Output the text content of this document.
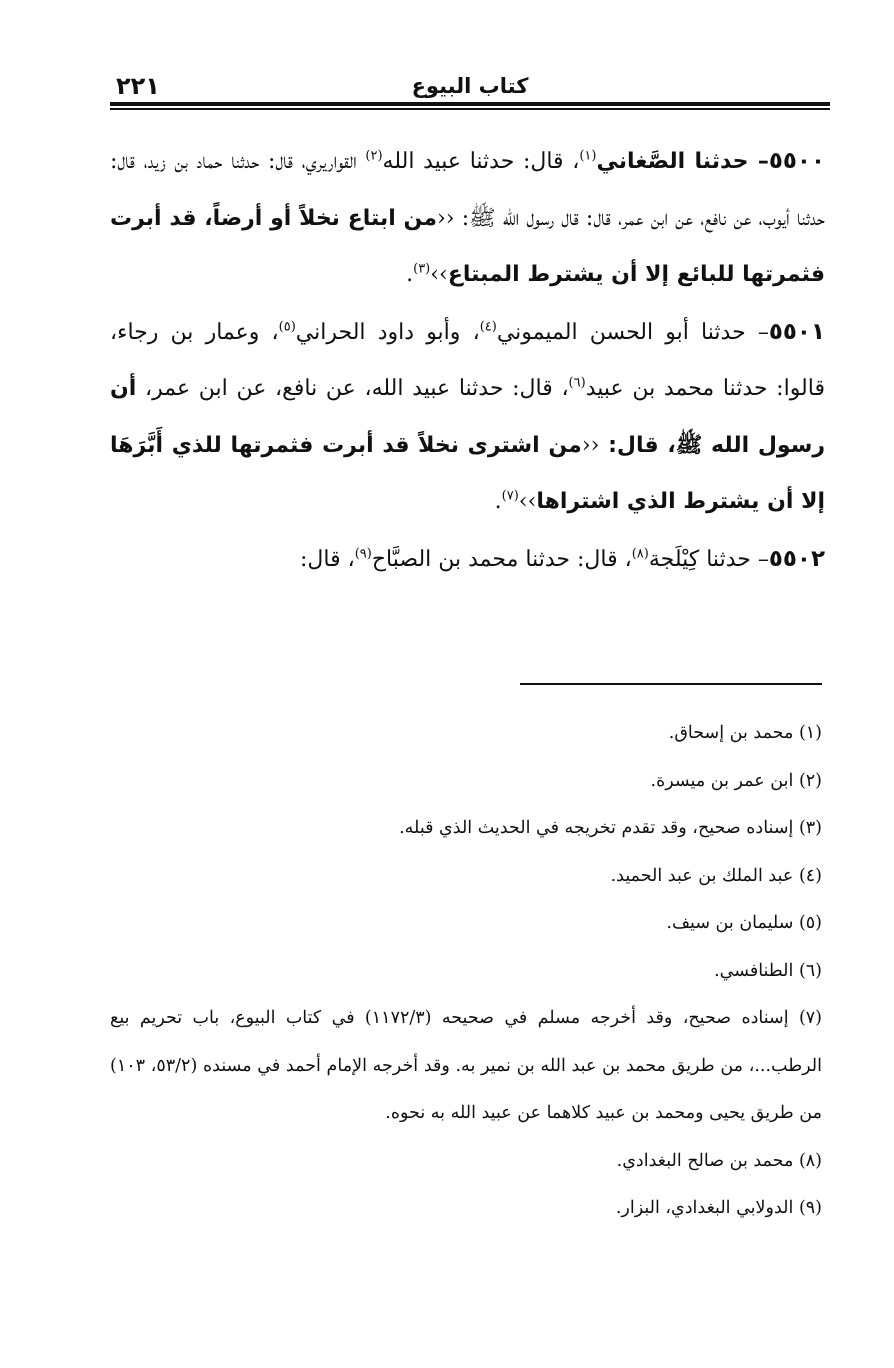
كتاب البيوع
٢٢١

٥٥٠٠– حدثنا الصَّغاني$^{(١)}$، قال: حدثنا عبيد الله$^{(٢)}$ القواريري، قال: حدثنا حماد بن زيد، قال: حدثنا أيوب، عن نافع، عن ابن عمر، قال: قال رسول الله ﷺ: ‹‹من ابتاع نخلاً أو أرضاً، قد أبرت فثمرتها للبائع إلا أن يشترط المبتاع››$^{(٣)}$.

٥٥٠١– حدثنا أبو الحسن الميموني$^{(٤)}$، وأبو داود الحراني$^{(٥)}$، وعمار بن رجاء، قالوا: حدثنا محمد بن عبيد$^{(٦)}$، قال: حدثنا عبيد الله، عن نافع، عن ابن عمر، أن رسول الله ﷺ، قال: ‹‹من اشترى نخلاً قد أبرت فثمرتها للذي أَبَّرَهَا إلا أن يشترط الذي اشتراها››$^{(٧)}$.

٥٥٠٢– حدثنا كِيْلَجة$^{(٨)}$، قال: حدثنا محمد بن الصبَّاح$^{(٩)}$، قال:

(١) محمد بن إسحاق.

(٢) ابن عمر بن ميسرة.

(٣) إسناده صحيح، وقد تقدم تخريجه في الحديث الذي قبله.

(٤) عبد الملك بن عبد الحميد.

(٥) سليمان بن سيف.

(٦) الطنافسي.

(٧) إسناده صحيح، وقد أخرجه مسلم في صحيحه (١١٧٢/٣) في كتاب البيوع، باب تحريم بيع الرطب...، من طريق محمد بن عبد الله بن نمير به. وقد أخرجه الإمام أحمد في مسنده (٥٣/٢، ١٠٣) من طريق يحيى ومحمد بن عبيد كلاهما عن عبيد الله به نحوه.

(٨) محمد بن صالح البغدادي.

(٩) الدولابي البغدادي، البزار.
